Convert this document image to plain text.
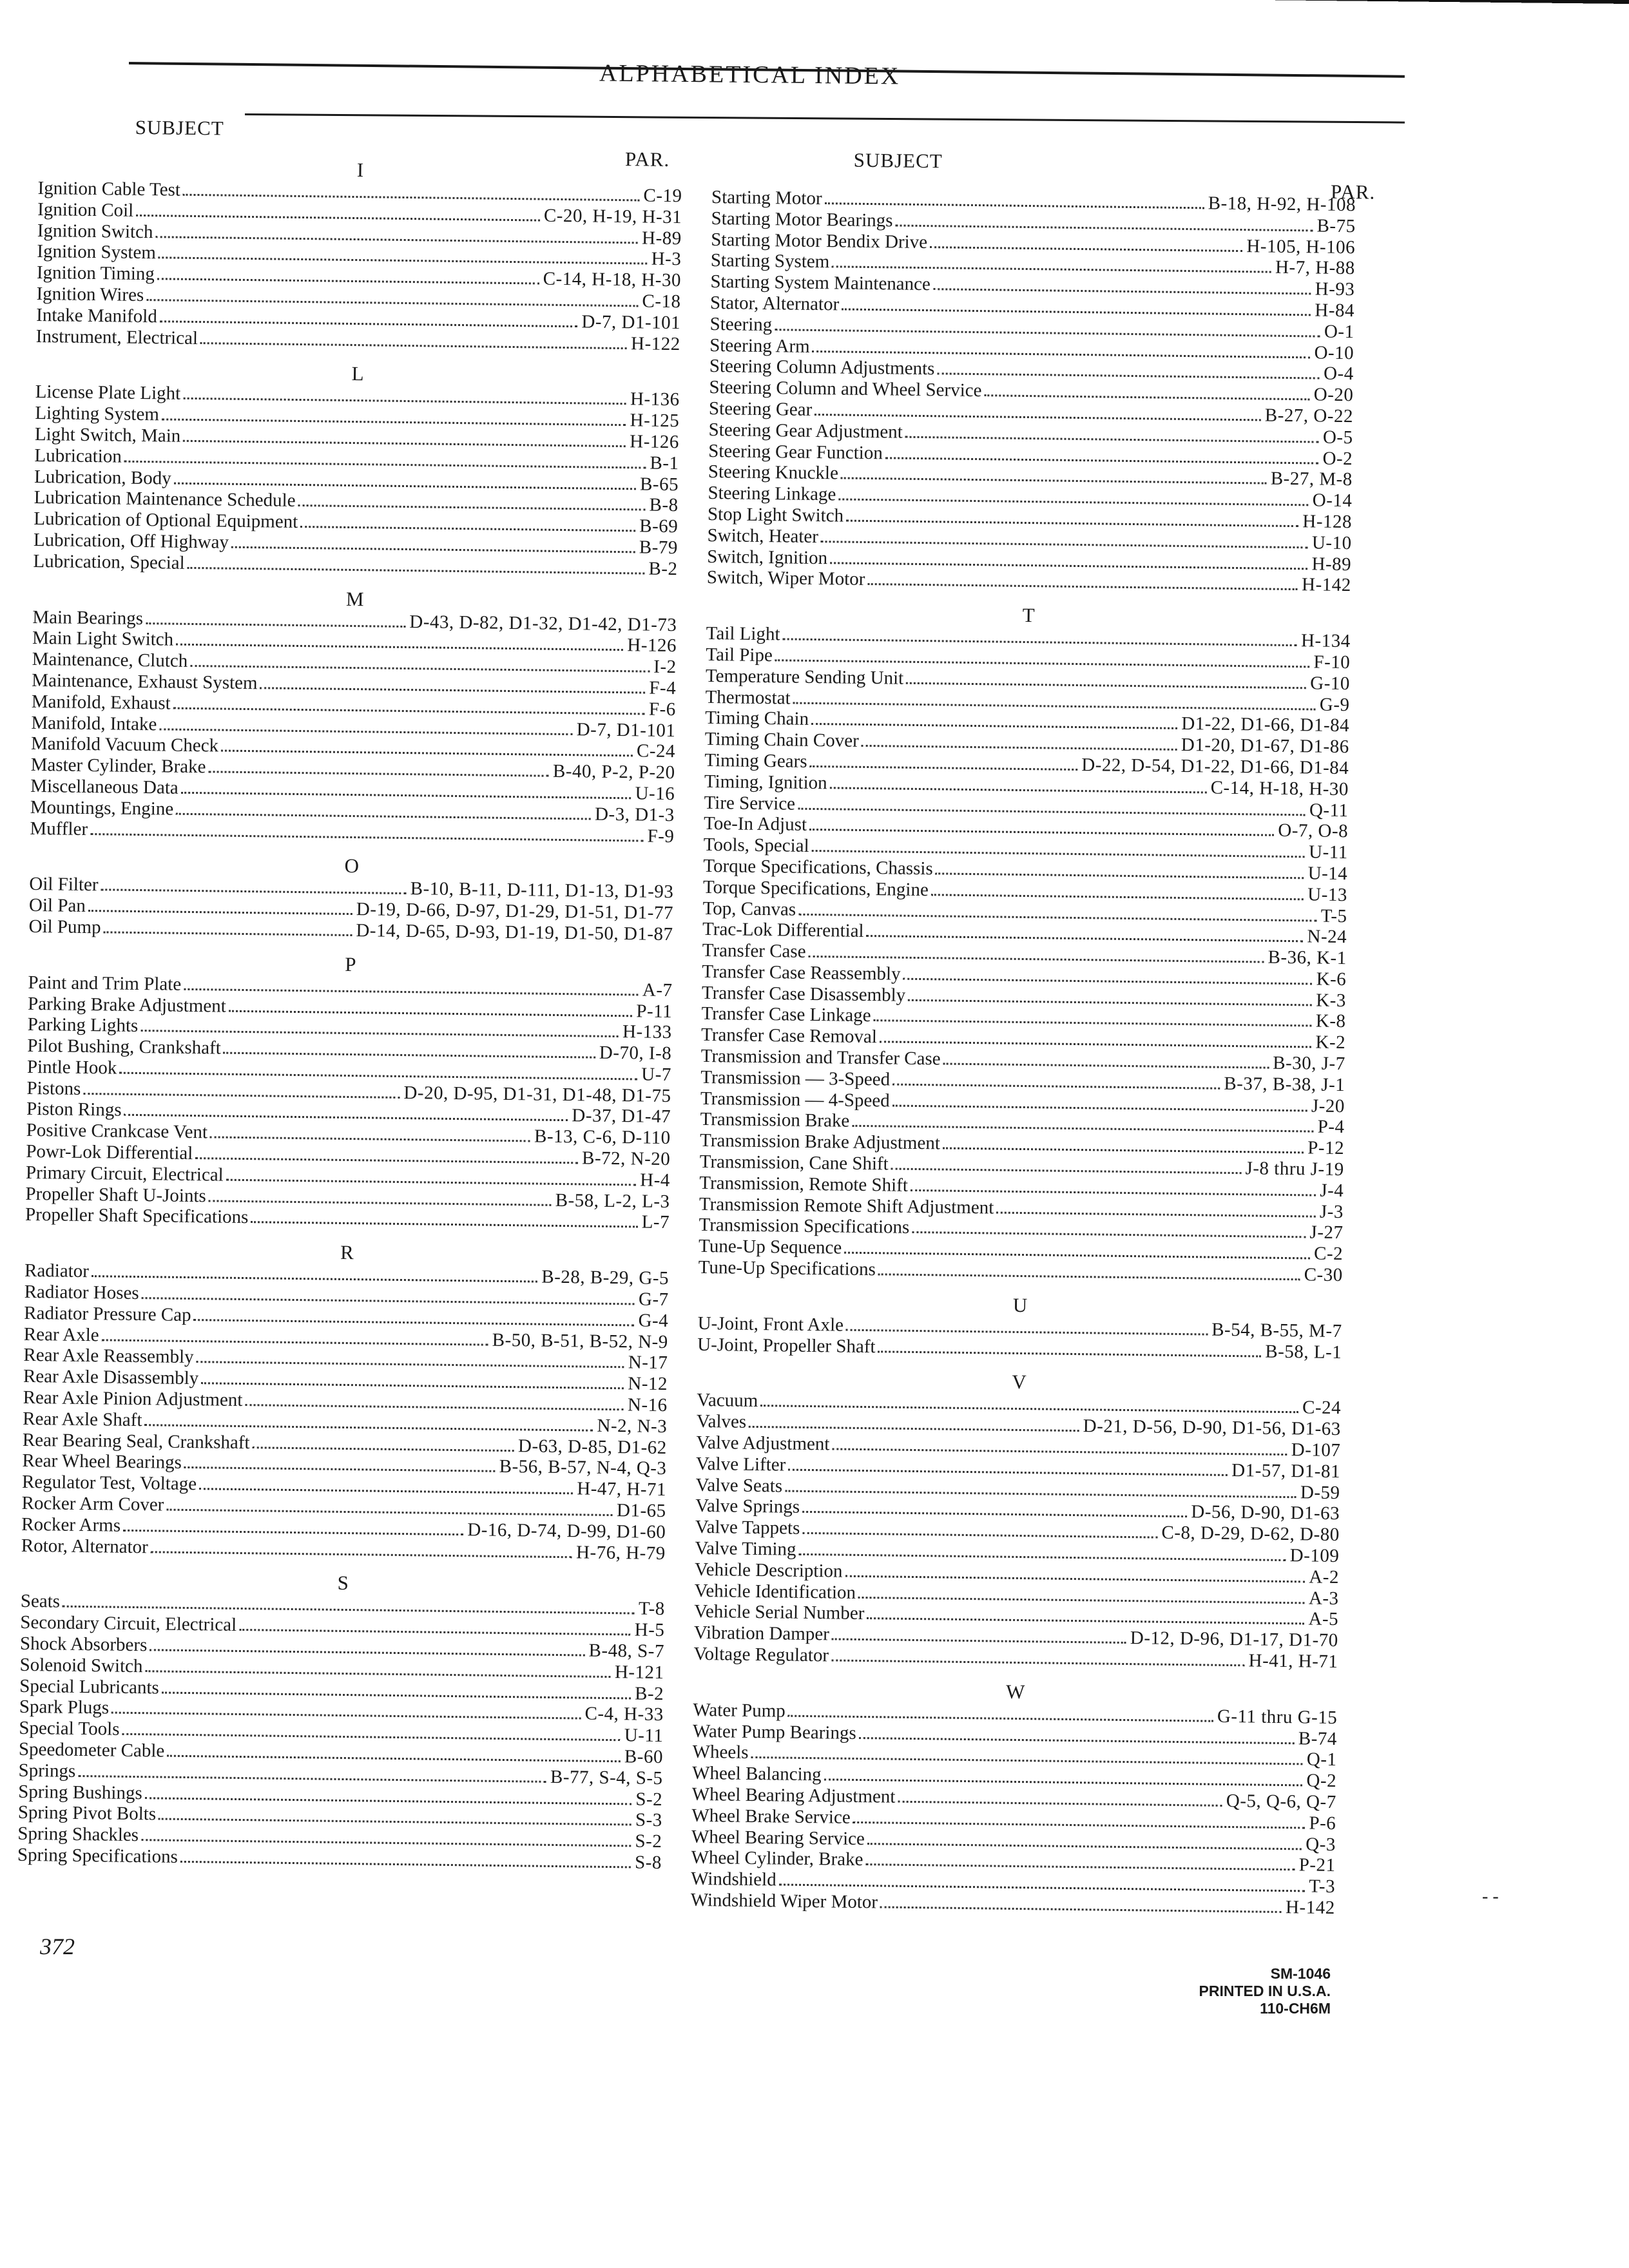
ALPHABETICAL INDEX
SUBJECT
PAR.
I
Ignition Cable Test	C-19
Ignition Coil	C-20, H-19, H-31
Ignition Switch	H-89
Ignition System	H-3
Ignition Timing	C-14, H-18, H-30
Ignition Wires	C-18
Intake Manifold	D-7, D1-101
Instrument, Electrical	H-122
L
License Plate Light	H-136
Lighting System	H-125
Light Switch, Main	H-126
Lubrication	B-1
Lubrication, Body	B-65
Lubrication Maintenance Schedule	B-8
Lubrication of Optional Equipment	B-69
Lubrication, Off Highway	B-79
Lubrication, Special	B-2
M
Main Bearings	D-43, D-82, D1-32, D1-42, D1-73
Main Light Switch	H-126
Maintenance, Clutch	I-2
Maintenance, Exhaust System	F-4
Manifold, Exhaust	F-6
Manifold, Intake	D-7, D1-101
Manifold Vacuum Check	C-24
Master Cylinder, Brake	B-40, P-2, P-20
Miscellaneous Data	U-16
Mountings, Engine	D-3, D1-3
Muffler	F-9
O
Oil Filter	B-10, B-11, D-111, D1-13, D1-93
Oil Pan	D-19, D-66, D-97, D1-29, D1-51, D1-77
Oil Pump	D-14, D-65, D-93, D1-19, D1-50, D1-87
P
Paint and Trim Plate	A-7
Parking Brake Adjustment	P-11
Parking Lights	H-133
Pilot Bushing, Crankshaft	D-70, I-8
Pintle Hook	U-7
Pistons	D-20, D-95, D1-31, D1-48, D1-75
Piston Rings	D-37, D1-47
Positive Crankcase Vent	B-13, C-6, D-110
Powr-Lok Differential	B-72, N-20
Primary Circuit, Electrical	H-4
Propeller Shaft U-Joints	B-58, L-2, L-3
Propeller Shaft Specifications	L-7
R
Radiator	B-28, B-29, G-5
Radiator Hoses	G-7
Radiator Pressure Cap	G-4
Rear Axle	B-50, B-51, B-52, N-9
Rear Axle Reassembly	N-17
Rear Axle Disassembly	N-12
Rear Axle Pinion Adjustment	N-16
Rear Axle Shaft	N-2, N-3
Rear Bearing Seal, Crankshaft	D-63, D-85, D1-62
Rear Wheel Bearings	B-56, B-57, N-4, Q-3
Regulator Test, Voltage	H-47, H-71
Rocker Arm Cover	D1-65
Rocker Arms	D-16, D-74, D-99, D1-60
Rotor, Alternator	H-76, H-79
S
Seats	T-8
Secondary Circuit, Electrical	H-5
Shock Absorbers	B-48, S-7
Solenoid Switch	H-121
Special Lubricants	B-2
Spark Plugs	C-4, H-33
Special Tools	U-11
Speedometer Cable	B-60
Springs	B-77, S-4, S-5
Spring Bushings	S-2
Spring Pivot Bolts	S-3
Spring Shackles	S-2
Spring Specifications	S-8
SUBJECT
PAR.
Starting Motor	B-18, H-92, H-108
Starting Motor Bearings	B-75
Starting Motor Bendix Drive	H-105, H-106
Starting System	H-7, H-88
Starting System Maintenance	H-93
Stator, Alternator	H-84
Steering	O-1
Steering Arm	O-10
Steering Column Adjustments	O-4
Steering Column and Wheel Service	O-20
Steering Gear	B-27, O-22
Steering Gear Adjustment	O-5
Steering Gear Function	O-2
Steering Knuckle	B-27, M-8
Steering Linkage	O-14
Stop Light Switch	H-128
Switch, Heater	U-10
Switch, Ignition	H-89
Switch, Wiper Motor	H-142
T
Tail Light	H-134
Tail Pipe	F-10
Temperature Sending Unit	G-10
Thermostat	G-9
Timing Chain	D1-22, D1-66, D1-84
Timing Chain Cover	D1-20, D1-67, D1-86
Timing Gears	D-22, D-54, D1-22, D1-66, D1-84
Timing, Ignition	C-14, H-18, H-30
Tire Service	Q-11
Toe-In Adjust	O-7, O-8
Tools, Special	U-11
Torque Specifications, Chassis	U-14
Torque Specifications, Engine	U-13
Top, Canvas	T-5
Trac-Lok Differential	N-24
Transfer Case	B-36, K-1
Transfer Case Reassembly	K-6
Transfer Case Disassembly	K-3
Transfer Case Linkage	K-8
Transfer Case Removal	K-2
Transmission and Transfer Case	B-30, J-7
Transmission — 3-Speed	B-37, B-38, J-1
Transmission — 4-Speed	J-20
Transmission Brake	P-4
Transmission Brake Adjustment	P-12
Transmission, Cane Shift	J-8 thru J-19
Transmission, Remote Shift	J-4
Transmission Remote Shift Adjustment	J-3
Transmission Specifications	J-27
Tune-Up Sequence	C-2
Tune-Up Specifications	C-30
U
U-Joint, Front Axle	B-54, B-55, M-7
U-Joint, Propeller Shaft	B-58, L-1
V
Vacuum	C-24
Valves	D-21, D-56, D-90, D1-56, D1-63
Valve Adjustment	D-107
Valve Lifter	D1-57, D1-81
Valve Seats	D-59
Valve Springs	D-56, D-90, D1-63
Valve Tappets	C-8, D-29, D-62, D-80
Valve Timing	D-109
Vehicle Description	A-2
Vehicle Identification	A-3
Vehicle Serial Number	A-5
Vibration Damper	D-12, D-96, D1-17, D1-70
Voltage Regulator	H-41, H-71
W
Water Pump	G-11 thru G-15
Water Pump Bearings	B-74
Wheels	Q-1
Wheel Balancing	Q-2
Wheel Bearing Adjustment	Q-5, Q-6, Q-7
Wheel Brake Service	P-6
Wheel Bearing Service	Q-3
Wheel Cylinder, Brake	P-21
Windshield	T-3
Windshield Wiper Motor	H-142
372
SM-1046
PRINTED IN U.S.A.
110-CH6M
- -
